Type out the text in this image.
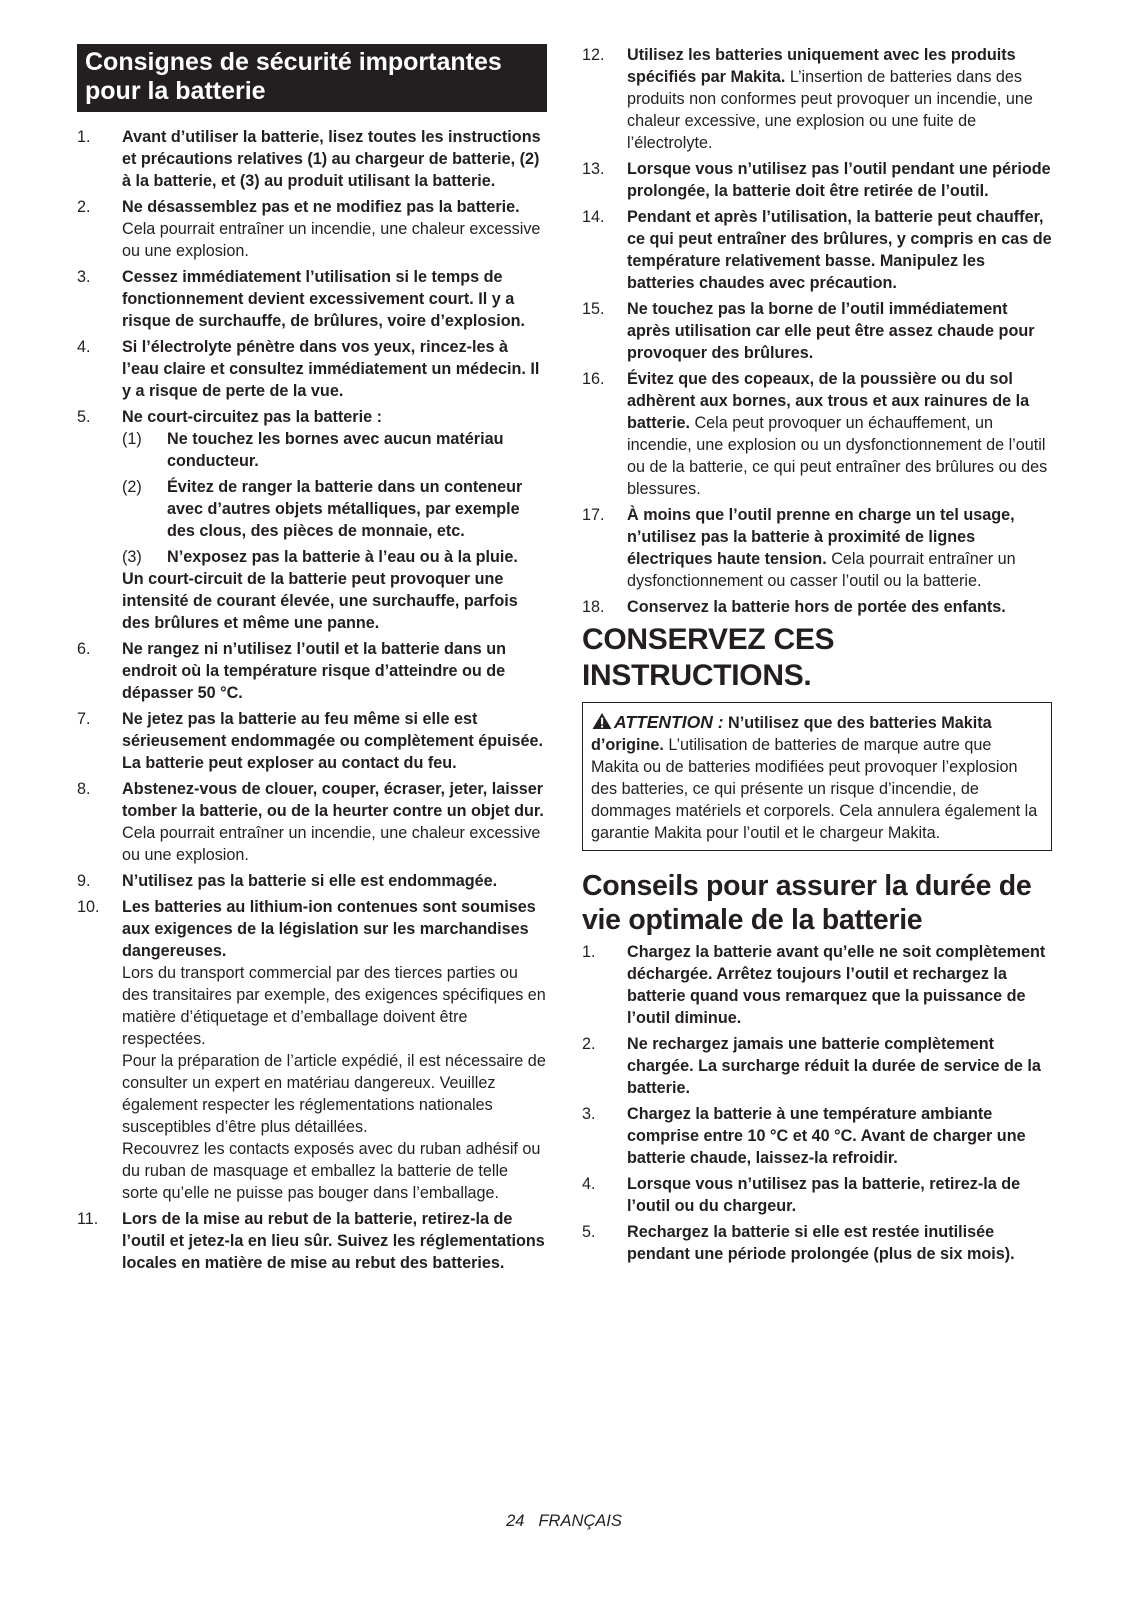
Consignes de sécurité importantes pour la batterie
1. Avant d’utiliser la batterie, lisez toutes les instructions et précautions relatives (1) au chargeur de batterie, (2) à la batterie, et (3) au produit utilisant la batterie.
2. Ne désassemblez pas et ne modifiez pas la batterie. Cela pourrait entraîner un incendie, une chaleur excessive ou une explosion.
3. Cessez immédiatement l’utilisation si le temps de fonctionnement devient excessivement court. Il y a risque de surchauffe, de brûlures, voire d’explosion.
4. Si l’électrolyte pénètre dans vos yeux, rincez-les à l’eau claire et consultez immédiatement un médecin. Il y a risque de perte de la vue.
5. Ne court-circuitez pas la batterie :
(1) Ne touchez les bornes avec aucun matériau conducteur.
(2) Évitez de ranger la batterie dans un conteneur avec d’autres objets métalliques, par exemple des clous, des pièces de monnaie, etc.
(3) N’exposez pas la batterie à l’eau ou à la pluie.
Un court-circuit de la batterie peut provoquer une intensité de courant élevée, une surchauffe, parfois des brûlures et même une panne.
6. Ne rangez ni n’utilisez l’outil et la batterie dans un endroit où la température risque d’atteindre ou de dépasser 50 °C.
7. Ne jetez pas la batterie au feu même si elle est sérieusement endommagée ou complètement épuisée. La batterie peut exploser au contact du feu.
8. Abstenez-vous de clouer, couper, écraser, jeter, laisser tomber la batterie, ou de la heurter contre un objet dur. Cela pourrait entraîner un incendie, une chaleur excessive ou une explosion.
9. N’utilisez pas la batterie si elle est endommagée.
10. Les batteries au lithium-ion contenues sont soumises aux exigences de la législation sur les marchandises dangereuses.
Lors du transport commercial par des tierces parties ou des transitaires par exemple, des exigences spécifiques en matière d’étiquetage et d’emballage doivent être respectées.
Pour la préparation de l’article expédié, il est nécessaire de consulter un expert en matériau dangereux. Veuillez également respecter les réglementations nationales susceptibles d’être plus détaillées.
Recouvrez les contacts exposés avec du ruban adhésif ou du ruban de masquage et emballez la batterie de telle sorte qu’elle ne puisse pas bouger dans l’emballage.
11. Lors de la mise au rebut de la batterie, retirez-la de l’outil et jetez-la en lieu sûr. Suivez les réglementations locales en matière de mise au rebut des batteries.
12. Utilisez les batteries uniquement avec les produits spécifiés par Makita. L’insertion de batteries dans des produits non conformes peut provoquer un incendie, une chaleur excessive, une explosion ou une fuite de l’électrolyte.
13. Lorsque vous n’utilisez pas l’outil pendant une période prolongée, la batterie doit être retirée de l’outil.
14. Pendant et après l’utilisation, la batterie peut chauffer, ce qui peut entraîner des brûlures, y compris en cas de température relativement basse. Manipulez les batteries chaudes avec précaution.
15. Ne touchez pas la borne de l’outil immédiatement après utilisation car elle peut être assez chaude pour provoquer des brûlures.
16. Évitez que des copeaux, de la poussière ou du sol adhèrent aux bornes, aux trous et aux rainures de la batterie. Cela peut provoquer un échauffement, un incendie, une explosion ou un dysfonctionnement de l’outil ou de la batterie, ce qui peut entraîner des brûlures ou des blessures.
17. À moins que l’outil prenne en charge un tel usage, n’utilisez pas la batterie à proximité de lignes électriques haute tension. Cela pourrait entraîner un dysfonctionnement ou casser l’outil ou la batterie.
18. Conservez la batterie hors de portée des enfants.
CONSERVEZ CES
INSTRUCTIONS.
ATTENTION : N’utilisez que des batteries Makita d’origine. L’utilisation de batteries de marque autre que Makita ou de batteries modifiées peut provoquer l’explosion des batteries, ce qui présente un risque d’incendie, de dommages matériels et corporels. Cela annulera également la garantie Makita pour l’outil et le chargeur Makita.
Conseils pour assurer la durée de vie optimale de la batterie
1. Chargez la batterie avant qu’elle ne soit complètement déchargée. Arrêtez toujours l’outil et rechargez la batterie quand vous remarquez que la puissance de l’outil diminue.
2. Ne rechargez jamais une batterie complètement chargée. La surcharge réduit la durée de service de la batterie.
3. Chargez la batterie à une température ambiante comprise entre 10 °C et 40 °C. Avant de charger une batterie chaude, laissez-la refroidir.
4. Lorsque vous n’utilisez pas la batterie, retirez-la de l’outil ou du chargeur.
5. Rechargez la batterie si elle est restée inutilisée pendant une période prolongée (plus de six mois).
24 FRANÇAIS
